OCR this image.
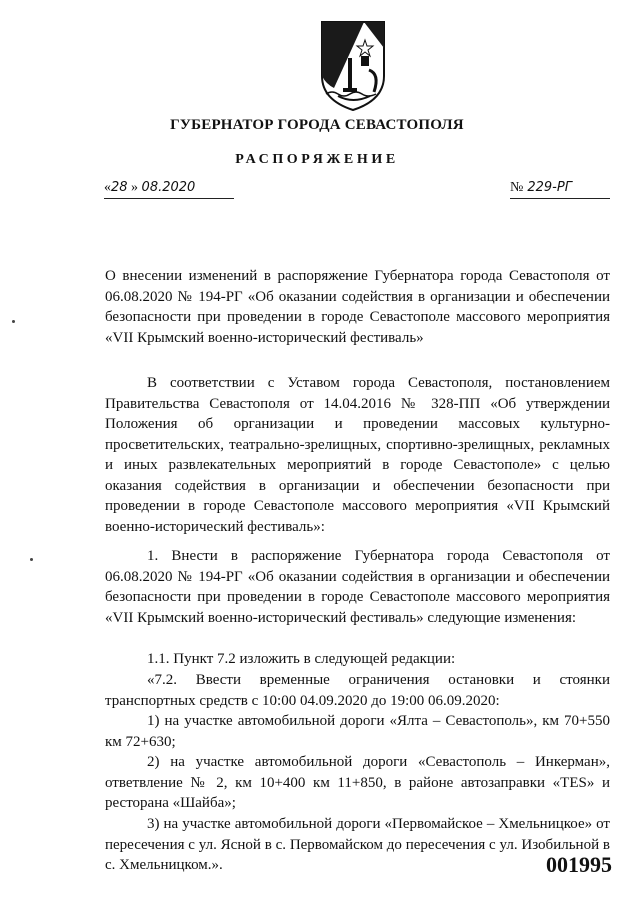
ГУБЕРНАТОР ГОРОДА СЕВАСТОПОЛЯ
РАСПОРЯЖЕНИЕ
«28 » 08.2020	№ 229-РГ
О внесении изменений в распоряжение Губернатора города Севастополя от 06.08.2020 № 194-РГ «Об оказании содействия в организации и обеспечении безопасности при проведении в городе Севастополе массового мероприятия «VII Крымский военно-исторический фестиваль»
В соответствии с Уставом города Севастополя, постановлением Правительства Севастополя от 14.04.2016 № 328-ПП «Об утверждении Положения об организации и проведении массовых культурно-просветительских, театрально-зрелищных, спортивно-зрелищных, рекламных и иных развлекательных мероприятий в городе Севастополе» с целью оказания содействия в организации и обеспечении безопасности при проведении в городе Севастополе массового мероприятия «VII Крымский военно-исторический фестиваль»:
1. Внести в распоряжение Губернатора города Севастополя от 06.08.2020 № 194-РГ «Об оказании содействия в организации и обеспечении безопасности при проведении в городе Севастополе массового мероприятия «VII Крымский военно-исторический фестиваль» следующие изменения:
1.1. Пункт 7.2 изложить в следующей редакции:
«7.2. Ввести временные ограничения остановки и стоянки транспортных средств с 10:00 04.09.2020 до 19:00 06.09.2020:
1) на участке автомобильной дороги «Ялта – Севастополь», км 70+550 км 72+630;
2) на участке автомобильной дороги «Севастополь – Инкерман», ответвление № 2, км 10+400 км 11+850, в районе автозаправки «TES» и ресторана «Шайба»;
3) на участке автомобильной дороги «Первомайское – Хмельницкое» от пересечения с ул. Ясной в с. Первомайском до пересечения с ул. Изобильной в с. Хмельницком.».	001995
